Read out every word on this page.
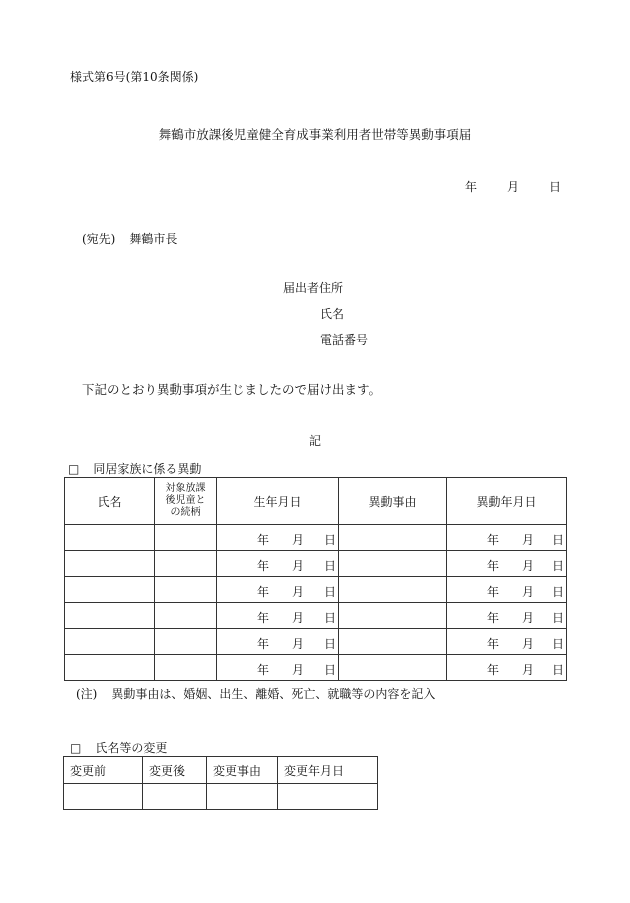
様式第6号(第10条関係)
舞鶴市放課後児童健全育成事業利用者世帯等異動事項届
年	月	日
(宛先) 舞鶴市長
届出者住所
氏名
電話番号
下記のとおり異動事項が生じましたので届け出ます。
記
□ 同居家族に係る異動
氏名	対象放課
後児童と
の続柄	生年月日	異動事由	異動年月日

		年 月 日		年 月 日

		年 月 日		年 月 日

		年 月 日		年 月 日

		年 月 日		年 月 日

		年 月 日		年 月 日

		年 月 日		年 月 日
(注) 異動事由は、婚姻、出生、離婚、死亡、就職等の内容を記入
□ 氏名等の変更
変更前	変更後	変更事由	変更年月日
